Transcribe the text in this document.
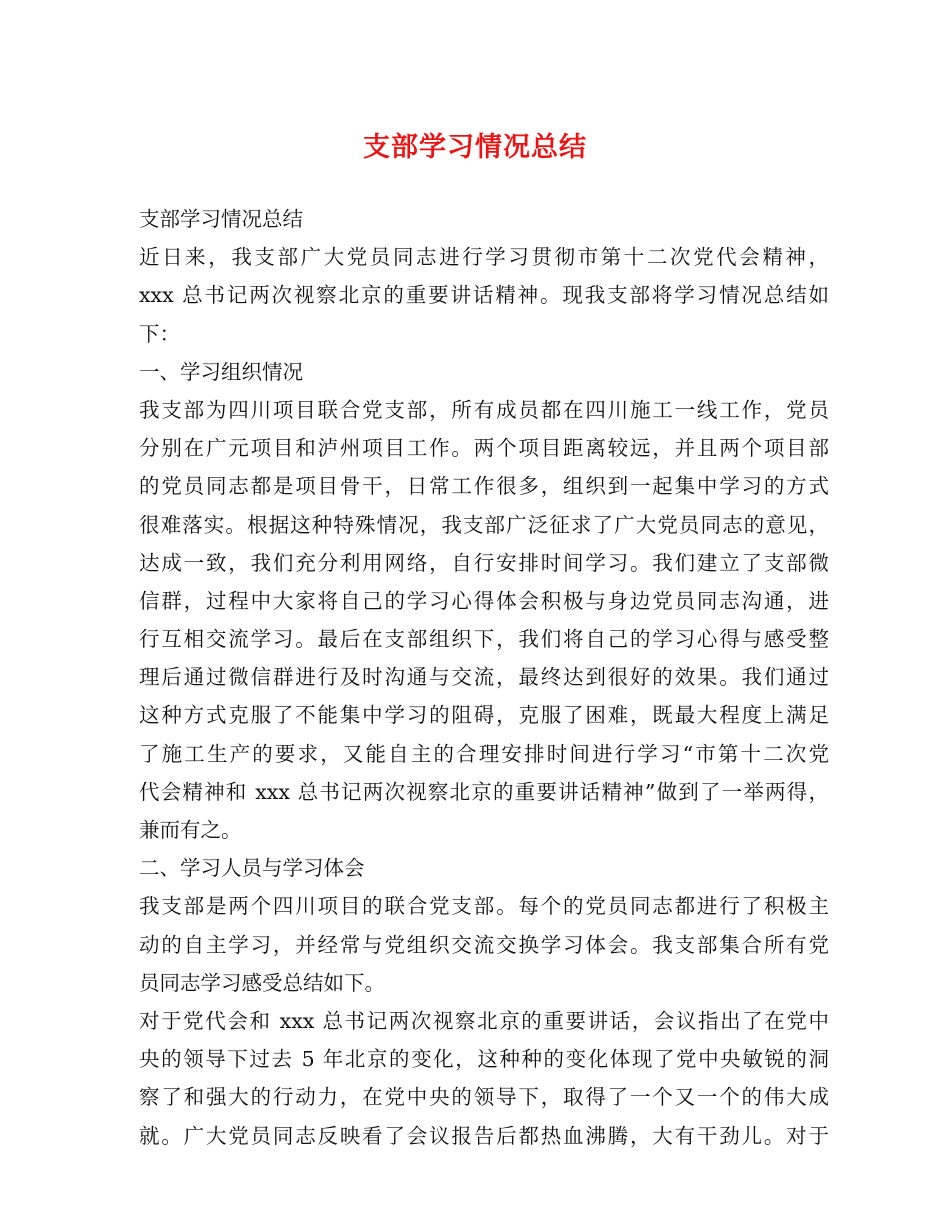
支部学习情况总结
支部学习情况总结
近日来，我支部广大党员同志进行学习贯彻市第十二次党代会精神，
xxx 总书记两次视察北京的重要讲话精神。现我支部将学习情况总结如
下：
一、学习组织情况
我支部为四川项目联合党支部，所有成员都在四川施工一线工作，党员
分别在广元项目和泸州项目工作。两个项目距离较远，并且两个项目部
的党员同志都是项目骨干，日常工作很多，组织到一起集中学习的方式
很难落实。根据这种特殊情况，我支部广泛征求了广大党员同志的意见，
达成一致，我们充分利用网络，自行安排时间学习。我们建立了支部微
信群，过程中大家将自己的学习心得体会积极与身边党员同志沟通，进
行互相交流学习。最后在支部组织下，我们将自己的学习心得与感受整
理后通过微信群进行及时沟通与交流，最终达到很好的效果。我们通过
这种方式克服了不能集中学习的阻碍，克服了困难，既最大程度上满足
了施工生产的要求，又能自主的合理安排时间进行学习“市第十二次党
代会精神和 xxx 总书记两次视察北京的重要讲话精神”做到了一举两得，
兼而有之。
二、学习人员与学习体会
我支部是两个四川项目的联合党支部。每个的党员同志都进行了积极主
动的自主学习，并经常与党组织交流交换学习体会。我支部集合所有党
员同志学习感受总结如下。
对于党代会和 xxx 总书记两次视察北京的重要讲话，会议指出了在党中
央的领导下过去 5 年北京的变化，这种种的变化体现了党中央敏锐的洞
察了和强大的行动力，在党中央的领导下，取得了一个又一个的伟大成
就。广大党员同志反映看了会议报告后都热血沸腾，大有干劲儿。对于
